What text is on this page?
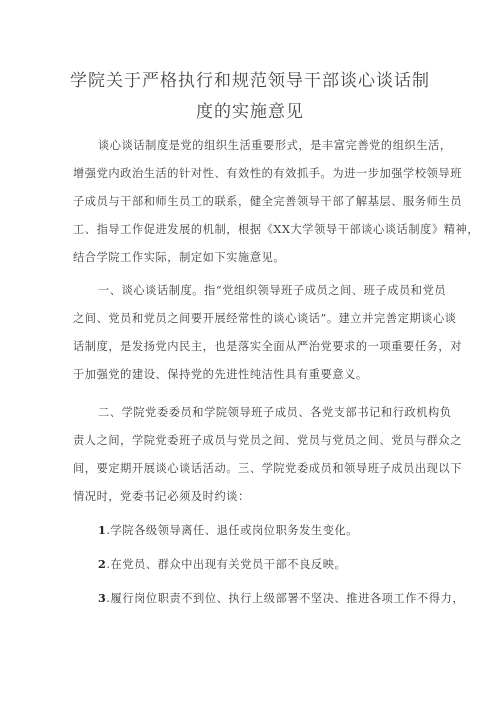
学院关于严格执行和规范领导干部谈心谈话制
度的实施意见
谈心谈话制度是党的组织生活重要形式，是丰富完善党的组织生活，
增强党内政治生活的针对性、有效性的有效抓手。为进一步加强学校领导班
子成员与干部和师生员工的联系，健全完善领导干部了解基层、服务师生员
工、指导工作促进发展的机制，根据《XX大学领导干部谈心谈话制度》精神，
结合学院工作实际，制定如下实施意见。
一、谈心谈话制度。指“党组织领导班子成员之间、班子成员和党员
之间、党员和党员之间要开展经常性的谈心谈话”。建立并完善定期谈心谈
话制度，是发扬党内民主，也是落实全面从严治党要求的一项重要任务，对
于加强党的建设、保持党的先进性纯洁性具有重要意义。
二、学院党委委员和学院领导班子成员、各党支部书记和行政机构负
责人之间，学院党委班子成员与党员之间、党员与党员之间、党员与群众之
间，要定期开展谈心谈话活动。三、学院党委成员和领导班子成员出现以下
情况时，党委书记必须及时约谈：
1.学院各级领导离任、退任或岗位职务发生变化。
2.在党员、群众中出现有关党员干部不良反映。
3.履行岗位职责不到位、执行上级部署不坚决、推进各项工作不得力，
